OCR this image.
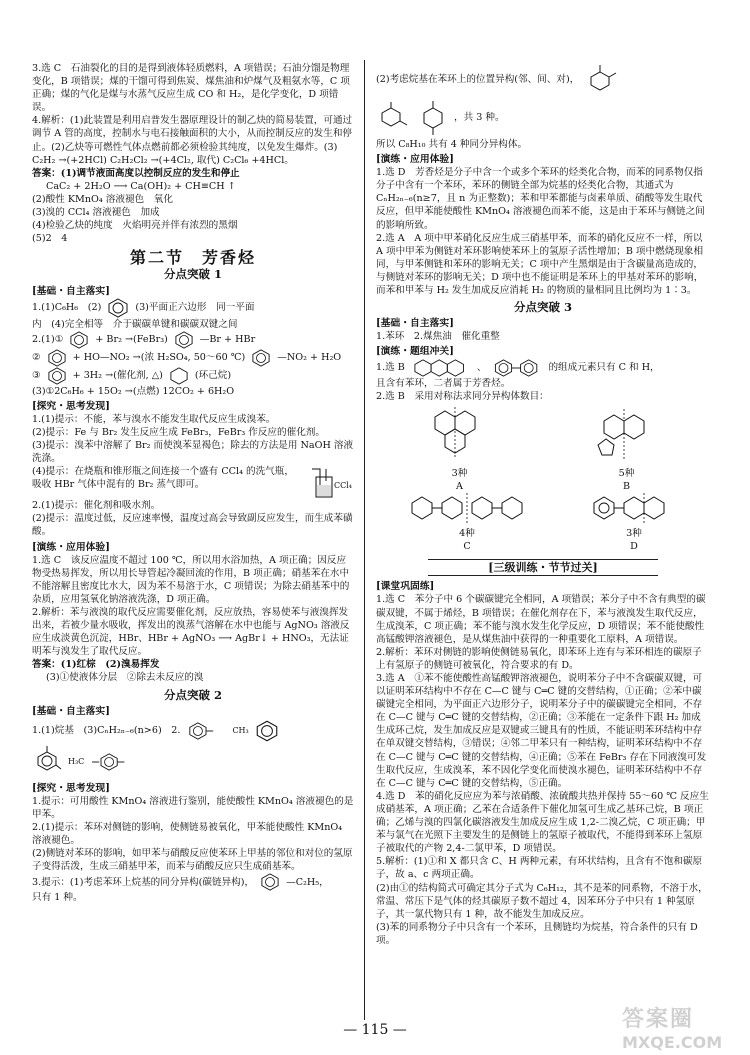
3.选 C　石油裂化的目的是得到液体轻质燃料，A 项错误；石油分馏是物理变化，B 项错误；煤的干馏可得到焦炭、煤焦油和炉煤气及粗氨水等，C 项正确；煤的气化是煤与水蒸气反应生成 CO 和 H₂，是化学变化，D 项错误。

4.解析：(1)此装置是利用启普发生器原理设计的制乙炔的简易装置，可通过调节 A 管的高度，控制水与电石接触面积的大小，从而控制反应的发生和停止。(2)乙炔等可燃性气体点燃前都必须检验其纯度，以免发生爆炸。(3) C₂H₂ →(+2HCl) C₂H₂Cl₂ →(+4Cl₂, 取代) C₂Cl₆ +4HCl。

答案：(1)调节液面高度以控制反应的发生和停止

CaC₂ + 2H₂O ⟶ Ca(OH)₂ + CH≡CH ↑

(2)酸性 KMnO₄ 溶液褪色　氧化

(3)溴的 CCl₄ 溶液褪色　加成

(4)检验乙炔的纯度　火焰明亮并伴有浓烈的黑烟

(5)2　4

第二节　芳香烃
分点突破 1
[基础・自主落实]
1.(1)C₆H₆　(2)	(3)平面正六边形　同一平面

内　(4)完全相等　介于碳碳单键和碳碳双键之间

2.(1)①	+ Br₂ →(FeBr₃)	—Br + HBr
②	+ HO—NO₂ →(浓 H₂SO₄, 50～60 ℃)	—NO₂ + H₂O
③	+ 3H₂ →(催化剂, △)	(环己烷)

(3)①2C₆H₆ + 15O₂ →(点燃) 12CO₂ + 6H₂O

[探究・思考发现]

1.(1)提示：不能，苯与溴水不能发生取代反应生成溴苯。

(2)提示：Fe 与 Br₂ 发生反应生成 FeBr₃，FeBr₃ 作反应的催化剂。

(3)提示：溴苯中溶解了 Br₂ 而使溴苯显褐色；除去的方法是用 NaOH 溶液洗涤。

(4)提示：在烧瓶和锥形瓶之间连接一个盛有 CCl₄ 的洗气瓶，吸收 HBr 气体中混有的 Br₂ 蒸气即可。	CCl₄

2.(1)提示：催化剂和吸水剂。

(2)提示：温度过低，反应速率慢，温度过高会导致副反应发生，而生成苯磺酸。

[演练・应用体验]

1.选 C　该反应温度不超过 100 ℃，所以用水浴加热，A 项正确；因反应物受热易挥发，所以用长导管起冷凝回流的作用，B 项正确；硝基苯在水中不能溶解且密度比水大，因为苯不易溶于水，C 项错误；为除去硝基苯中的杂质，应用氢氧化钠溶液洗涤，D 项正确。

2.解析：苯与液溴的取代反应需要催化剂，反应放热，容易使苯与液溴挥发出来，若被少量水吸收，挥发出的溴蒸气溶解在水中也能与 AgNO₃ 溶液反应生成淡黄色沉淀，HBr、HBr + AgNO₃ ⟶ AgBr↓ + HNO₃，无法证明苯与溴发生了取代反应。

答案：(1)红棕　(2)溴易挥发

(3)①使液体分层　②除去未反应的溴

分点突破 2
[基础・自主落实]
1.(1)烷基　(3)CₙH₂ₙ₋₆(n>6)　2.	CH₃
H₃C
[探究・思考发现]

1.提示：可用酸性 KMnO₄ 溶液进行鉴别，能使酸性 KMnO₄ 溶液褪色的是甲苯。

2.(1)提示：苯环对侧链的影响，使侧链易被氧化，甲苯能使酸性 KMnO₄ 溶液褪色。

(2)侧链对苯环的影响，如甲苯与硝酸反应使苯环上甲基的邻位和对位的氢原子变得活泼，生成三硝基甲苯，而苯与硝酸反应只生成硝基苯。

3.提示：(1)考虑苯环上烷基的同分异构(碳链异构)，	—C₂H₅，

只有 1 种。

(2)考虑烷基在苯环上的位置异构(邻、间、对)，
，共 3 种。

所以 C₈H₁₀ 共有 4 种同分异构体。

[演练・应用体验]

1.选 D　芳香烃是分子中含一个或多个苯环的烃类化合物，而苯的同系物仅指分子中含有一个苯环，苯环的侧链全部为烷基的烃类化合物，其通式为 CₙH₂ₙ₋₆(n≥7，且 n 为正整数)；苯和甲苯都能与卤素单质、硝酸等发生取代反应，但甲苯能使酸性 KMnO₄ 溶液褪色而苯不能，这是由于苯环与侧链之间的影响所致。

2.选 A　A 项中甲苯硝化反应生成三硝基甲苯，而苯的硝化反应不一样，所以 A 项中甲苯为侧链对苯环影响使苯环上的氢原子活性增加；B 项中燃烧现象相同，与甲苯侧链和苯环的影响无关；C 项中产生黑烟是由于含碳量高造成的，与侧链对苯环的影响无关；D 项中也不能证明是苯环上的甲基对苯环的影响，而苯和甲苯与 H₂ 发生加成反应消耗 H₂ 的物质的量相同且比例均为 1∶3。

分点突破 3
[基础・自主落实]

1.苯环　2.煤焦油　催化重整

[演练・题组冲关]
1.选 B	、	的组成元素只有 C 和 H，

且含有苯环，二者属于芳香烃。

2.选 B　采用对称法求同分异构体数目：

3种
A
5种
B
4种
C
3种
D
[三级训练・节节过关]
[课堂巩固练]

1.选 C　苯分子中 6 个碳碳键完全相同，A 项错误；苯分子中不含有典型的碳碳双键，不属于烯烃，B 项错误；在催化剂存在下，苯与液溴发生取代反应，生成溴苯，C 项正确；苯不能与溴水发生化学反应，D 项错误；苯不能使酸性高锰酸钾溶液褪色，是从煤焦油中获得的一种重要化工原料，A 项错误。

2.解析：苯环对侧链的影响使侧链易氧化，即苯环上连有与苯环相连的碳原子上有氢原子的侧链可被氧化，符合要求的有 D。

3.选 A　①苯不能使酸性高锰酸钾溶液褪色，说明苯分子中不含碳碳双键，可以证明苯环结构中不存在 C—C 键与 C═C 键的交替结构，①正确；②苯中碳碳键完全相同，为平面正六边形分子，说明苯分子中的碳碳键完全相同，不存在 C—C 键与 C═C 键的交替结构，②正确；③苯能在一定条件下跟 H₂ 加成生成环己烷，发生加成反应是双键或三键具有的性质，不能证明苯环结构中存在单双键交替结构，③错误；④邻二甲苯只有一种结构，证明苯环结构中不存在 C—C 键与 C═C 键的交替结构，④正确；⑤苯在 FeBr₃ 存在下同液溴可发生取代反应，生成溴苯，苯不因化学变化而使溴水褪色，证明苯环结构中不存在 C—C 键与 C═C 键的交替结构，⑤正确。

4.选 D　苯的硝化反应应为苯与浓硝酸、浓硫酸共热并保持 55～60 ℃ 反应生成硝基苯，A 项正确；乙苯在合适条件下催化加氢可生成乙基环己烷，B 项正确；乙烯与溴的四氯化碳溶液发生加成反应生成 1,2-二溴乙烷，C 项正确；甲苯与氯气在光照下主要发生的是侧链上的氢原子被取代，不能得到苯环上氢原子被取代的产物 2,4-二氯甲苯，D 项错误。

5.解析：(1)①和 X 都只含 C、H 两种元素，有环状结构，且含有不饱和碳原子，故 a、c 两项正确。

(2)由①的结构简式可确定其分子式为 C₆H₁₂，其不是苯的同系物，不溶于水，常温、常压下是气体的烃其碳原子数不超过 4，因苯环分子中只有 1 种氢原子，其一氯代物只有 1 种，故不能发生加成反应。

(3)苯的同系物分子中只含有一个苯环，且侧链均为烷基，符合条件的只有 D 项。

— 115 —	答案圈
MXQE.COM
